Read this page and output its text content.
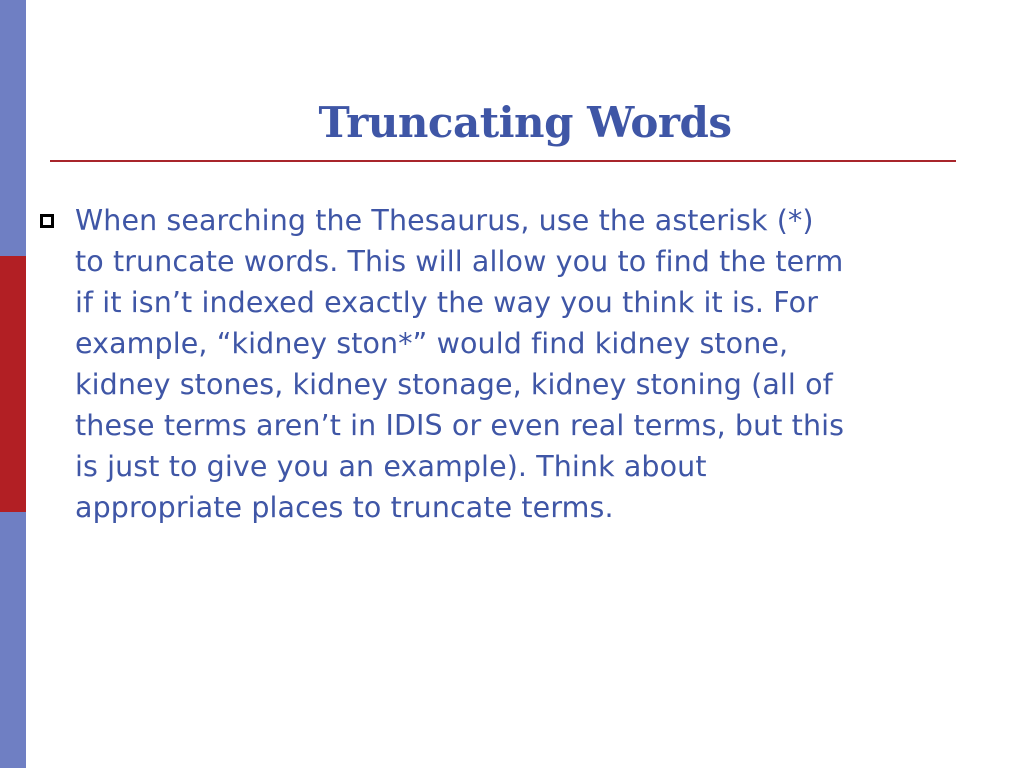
Truncating Words

When searching the Thesaurus, use the asterisk (*)
to truncate words. This will allow you to find the term
if it isn’t indexed exactly the way you think it is. For
example, “kidney ston*” would find kidney stone,
kidney stones, kidney stonage, kidney stoning (all of
these terms aren’t in IDIS or even real terms, but this
is just to give you an example). Think about
appropriate places to truncate terms.
